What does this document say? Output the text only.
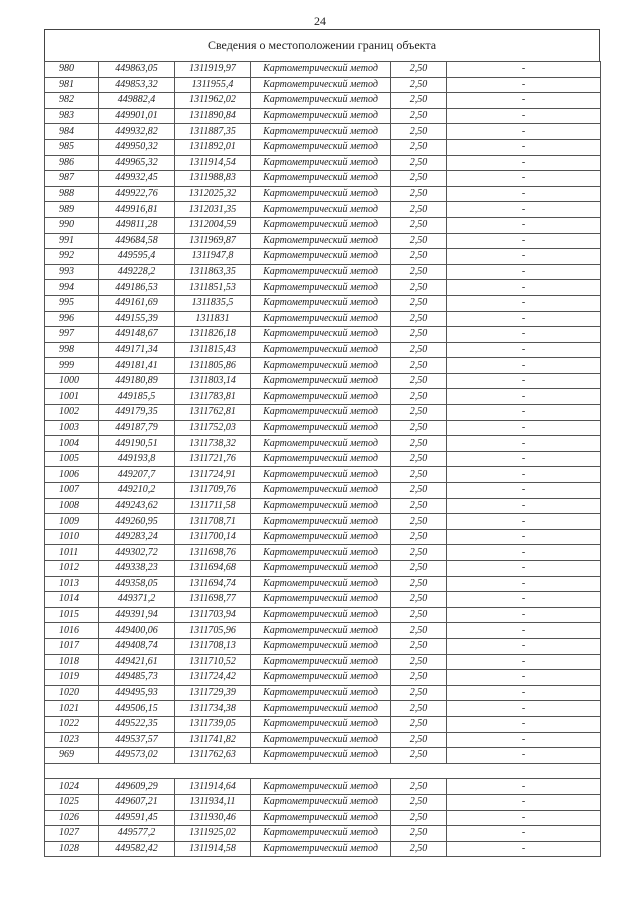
24
Сведения о местоположении границ объекта
980	449863,05	1311919,97	Картометрический метод	2,50	-
981	449853,32	1311955,4	Картометрический метод	2,50	-
982	449882,4	1311962,02	Картометрический метод	2,50	-
983	449901,01	1311890,84	Картометрический метод	2,50	-
984	449932,82	1311887,35	Картометрический метод	2,50	-
985	449950,32	1311892,01	Картометрический метод	2,50	-
986	449965,32	1311914,54	Картометрический метод	2,50	-
987	449932,45	1311988,83	Картометрический метод	2,50	-
988	449922,76	1312025,32	Картометрический метод	2,50	-
989	449916,81	1312031,35	Картометрический метод	2,50	-
990	449811,28	1312004,59	Картометрический метод	2,50	-
991	449684,58	1311969,87	Картометрический метод	2,50	-
992	449595,4	1311947,8	Картометрический метод	2,50	-
993	449228,2	1311863,35	Картометрический метод	2,50	-
994	449186,53	1311851,53	Картометрический метод	2,50	-
995	449161,69	1311835,5	Картометрический метод	2,50	-
996	449155,39	1311831	Картометрический метод	2,50	-
997	449148,67	1311826,18	Картометрический метод	2,50	-
998	449171,34	1311815,43	Картометрический метод	2,50	-
999	449181,41	1311805,86	Картометрический метод	2,50	-
1000	449180,89	1311803,14	Картометрический метод	2,50	-
1001	449185,5	1311783,81	Картометрический метод	2,50	-
1002	449179,35	1311762,81	Картометрический метод	2,50	-
1003	449187,79	1311752,03	Картометрический метод	2,50	-
1004	449190,51	1311738,32	Картометрический метод	2,50	-
1005	449193,8	1311721,76	Картометрический метод	2,50	-
1006	449207,7	1311724,91	Картометрический метод	2,50	-
1007	449210,2	1311709,76	Картометрический метод	2,50	-
1008	449243,62	1311711,58	Картометрический метод	2,50	-
1009	449260,95	1311708,71	Картометрический метод	2,50	-
1010	449283,24	1311700,14	Картометрический метод	2,50	-
1011	449302,72	1311698,76	Картометрический метод	2,50	-
1012	449338,23	1311694,68	Картометрический метод	2,50	-
1013	449358,05	1311694,74	Картометрический метод	2,50	-
1014	449371,2	1311698,77	Картометрический метод	2,50	-
1015	449391,94	1311703,94	Картометрический метод	2,50	-
1016	449400,06	1311705,96	Картометрический метод	2,50	-
1017	449408,74	1311708,13	Картометрический метод	2,50	-
1018	449421,61	1311710,52	Картометрический метод	2,50	-
1019	449485,73	1311724,42	Картометрический метод	2,50	-
1020	449495,93	1311729,39	Картометрический метод	2,50	-
1021	449506,15	1311734,38	Картометрический метод	2,50	-
1022	449522,35	1311739,05	Картометрический метод	2,50	-
1023	449537,57	1311741,82	Картометрический метод	2,50	-
969	449573,02	1311762,63	Картометрический метод	2,50	-

1024	449609,29	1311914,64	Картометрический метод	2,50	-
1025	449607,21	1311934,11	Картометрический метод	2,50	-
1026	449591,45	1311930,46	Картометрический метод	2,50	-
1027	449577,2	1311925,02	Картометрический метод	2,50	-
1028	449582,42	1311914,58	Картометрический метод	2,50	-
